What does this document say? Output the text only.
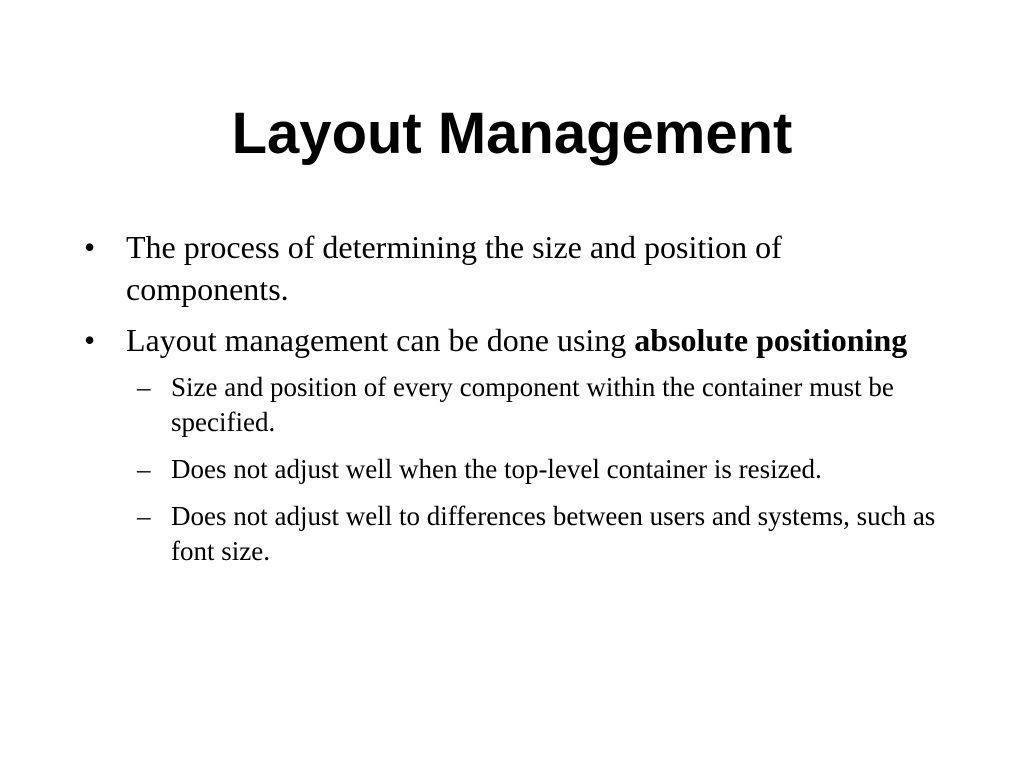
Layout Management
• The process of determining the size and position of components.
• Layout management can be done using absolute positioning
– Size and position of every component within the container must be specified.
– Does not adjust well when the top-level container is resized.
– Does not adjust well to differences between users and systems, such as font size.
